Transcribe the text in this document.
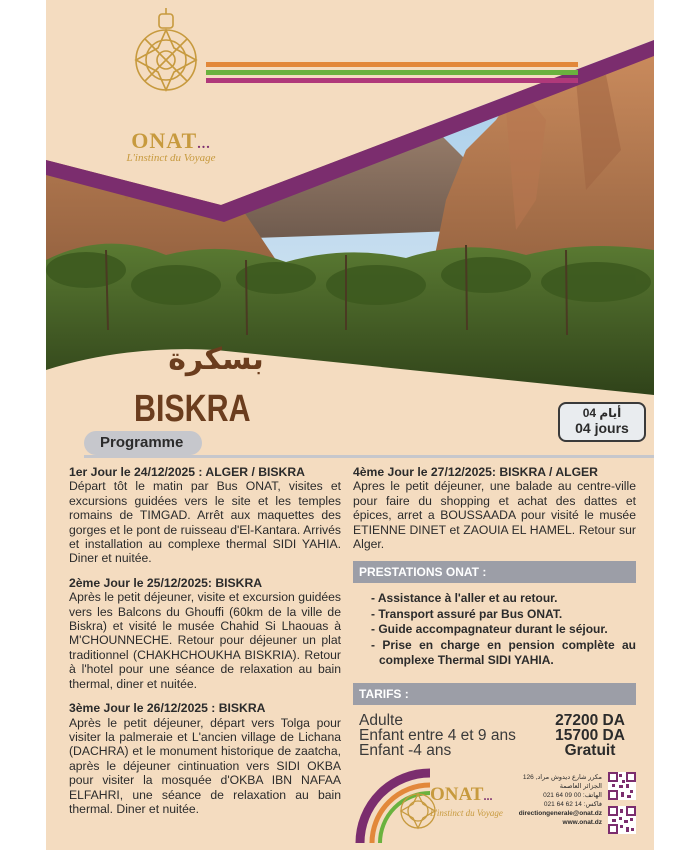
ONAT...
L'instinct du Voyage
بسكرة
BISKRA	04 أيام
04 jours
Programme
1er Jour le 24/12/2025 : ALGER / BISKRA
Départ tôt le matin par Bus ONAT, visites et excursions guidées vers le site et les temples romains de TIMGAD. Arrêt aux maquettes des gorges et le pont de ruisseau d'El-Kantara. Arrivés et installation au complexe thermal SIDI YAHIA. Diner et nuitée.
2ème Jour le 25/12/2025: BISKRA
Après le petit déjeuner, visite et excursion guidées vers les Balcons du Ghouffi (60km de la ville de Biskra) et visité le musée Chahid Si Lhaouas à M'CHOUNNECHE. Retour pour déjeuner un plat traditionnel (CHAKHCHOUKHA BISKRIA). Retour à l'hotel pour une séance de relaxation au bain thermal, diner et nuitée.
3ème Jour le 26/12/2025 : BISKRA
Après le petit déjeuner, départ vers Tolga pour visiter la palmeraie et L'ancien village de Lichana (DACHRA) et le monument historique de zaatcha, après le déjeuner cintinuation vers SIDI OKBA pour visiter la mosquée d'OKBA IBN NAFAA ELFAHRI, une séance de relaxation au bain thermal. Diner et nuitée.
4ème Jour le 27/12/2025: BISKRA / ALGER
Apres le petit déjeuner, une balade au centre-ville pour faire du shopping et achat des dattes et épices, arret a BOUSSAADA pour visité le musée ETIENNE DINET et ZAOUIA EL HAMEL. Retour sur Alger.
PRESTATIONS ONAT :
- Assistance à l'aller et au retour.
- Transport assuré par Bus ONAT.
- Guide accompagnateur durant le séjour.
- Prise en charge en pension complète au complexe Thermal SIDI YAHIA.
TARIFS :
Adulte	27200 DA
Enfant entre 4 et 9 ans	15700 DA
Enfant -4 ans	Gratuit
ONAT...
L'instinct du Voyage
126 ,مكرر شارع ديدوش مراد
الجزائر العاصمة
الهاتف: 00 09 64 021
فاكس: 14 62 64 021
directiongenerale@onat.dz
www.onat.dz
